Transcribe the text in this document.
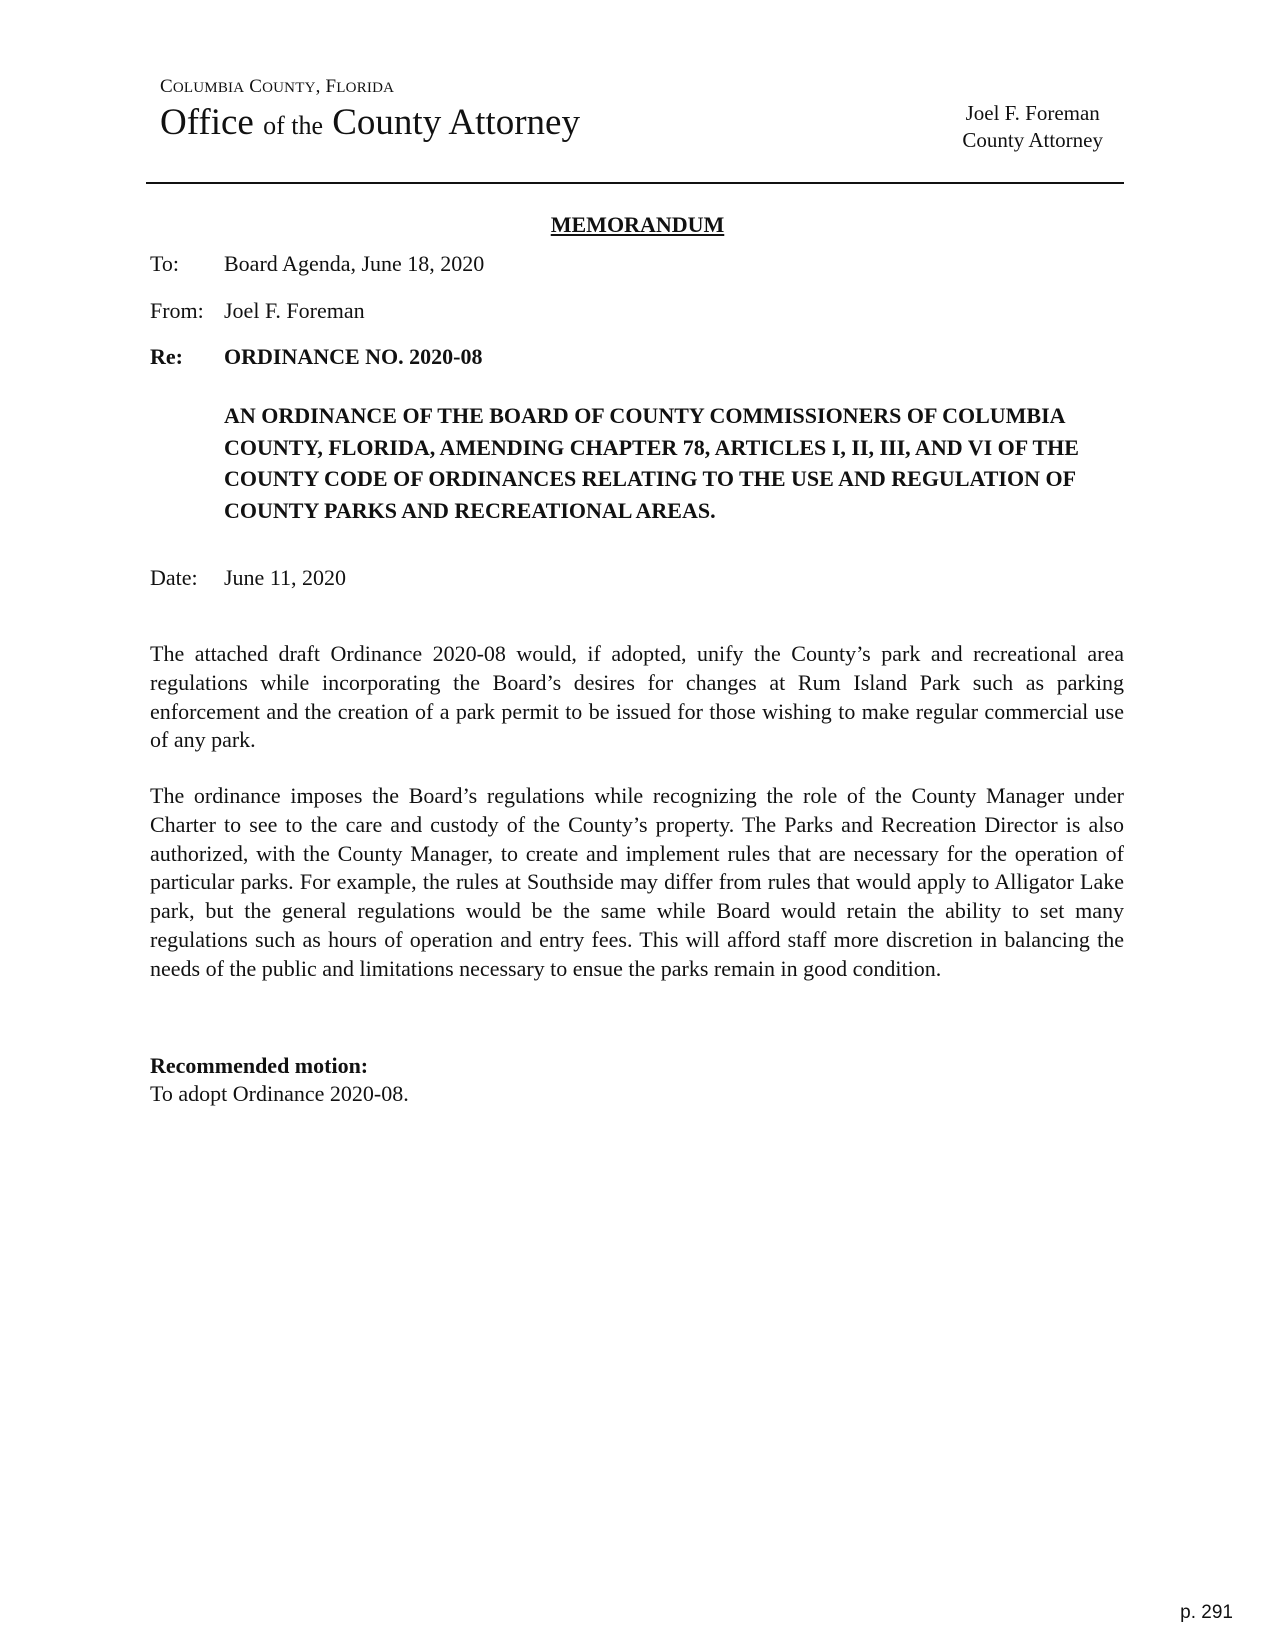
COLUMBIA COUNTY, FLORIDA
Office of the County Attorney	Joel F. Foreman
County Attorney
MEMORANDUM
To:	Board Agenda, June 18, 2020
From: Joel F. Foreman
Re:	ORDINANCE NO. 2020-08
AN ORDINANCE OF THE BOARD OF COUNTY COMMISSIONERS OF COLUMBIA COUNTY, FLORIDA, AMENDING CHAPTER 78, ARTICLES I, II, III, AND VI OF THE COUNTY CODE OF ORDINANCES RELATING TO THE USE AND REGULATION OF COUNTY PARKS AND RECREATIONAL AREAS.
Date:	June 11, 2020
The attached draft Ordinance 2020-08 would, if adopted, unify the County’s park and recreational area regulations while incorporating the Board’s desires for changes at Rum Island Park such as parking enforcement and the creation of a park permit to be issued for those wishing to make regular commercial use of any park.
The ordinance imposes the Board’s regulations while recognizing the role of the County Manager under Charter to see to the care and custody of the County’s property. The Parks and Recreation Director is also authorized, with the County Manager, to create and implement rules that are necessary for the operation of particular parks. For example, the rules at Southside may differ from rules that would apply to Alligator Lake park, but the general regulations would be the same while Board would retain the ability to set many regulations such as hours of operation and entry fees. This will afford staff more discretion in balancing the needs of the public and limitations necessary to ensue the parks remain in good condition.
Recommended motion:
To adopt Ordinance 2020-08.
p. 291
